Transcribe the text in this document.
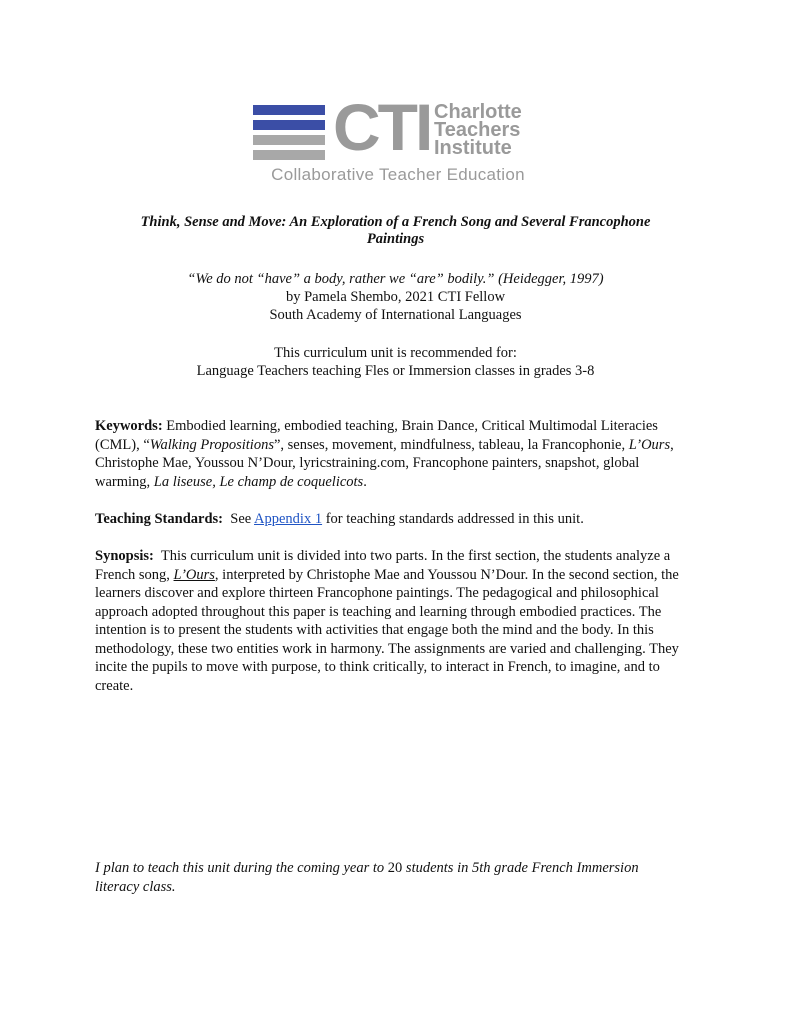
CTI Charlotte
Teachers
Institute
Collaborative Teacher Education
Think, Sense and Move: An Exploration of a French Song and Several Francophone
Paintings
“We do not “have” a body, rather we “are” bodily.” (Heidegger, 1997)
by Pamela Shembo, 2021 CTI Fellow
South Academy of International Languages
This curriculum unit is recommended for:
Language Teachers teaching Fles or Immersion classes in grades 3-8
Keywords: Embodied learning, embodied teaching, Brain Dance, Critical Multimodal Literacies (CML), “Walking Propositions”, senses, movement, mindfulness, tableau, la Francophonie, L’Ours, Christophe Mae, Youssou N’Dour, lyricstraining.com, Francophone painters, snapshot, global warming, La liseuse, Le champ de coquelicots.
Teaching Standards:  See Appendix 1 for teaching standards addressed in this unit.
Synopsis:  This curriculum unit is divided into two parts. In the first section, the students analyze a French song, L’Ours, interpreted by Christophe Mae and Youssou N’Dour. In the second section, the learners discover and explore thirteen Francophone paintings. The pedagogical and philosophical approach adopted throughout this paper is teaching and learning through embodied practices. The intention is to present the students with activities that engage both the mind and the body. In this methodology, these two entities work in harmony. The assignments are varied and challenging. They incite the pupils to move with purpose, to think critically, to interact in French, to imagine, and to create.
I plan to teach this unit during the coming year to 20 students in 5th grade French Immersion literacy class.
